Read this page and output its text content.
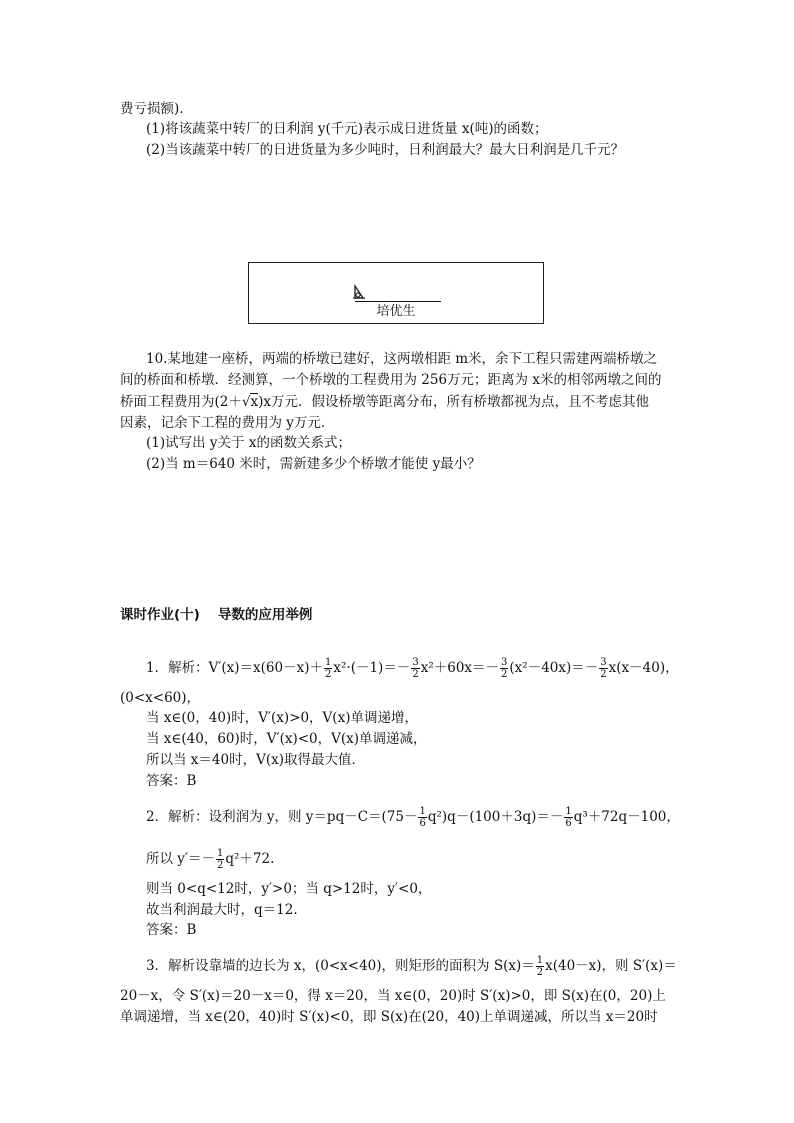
费亏损额).
(1)将该蔬菜中转厂的日利润 y(千元)表示成日进货量 x(吨)的函数；
(2)当该蔬菜中转厂的日进货量为多少吨时，日利润最大？最大日利润是几千元？
培优生
10.某地建一座桥，两端的桥墩已建好，这两墩相距 m米，余下工程只需建两端桥墩之
间的桥面和桥墩．经测算，一个桥墩的工程费用为 256万元；距离为 x米的相邻两墩之间的
桥面工程费用为(2＋√x)x万元．假设桥墩等距离分布，所有桥墩都视为点，且不考虑其他
因素，记余下工程的费用为 y万元．
(1)试写出 y关于 x的函数关系式；
(2)当 m＝640 米时，需新建多少个桥墩才能使 y最小？
课时作业(十) 导数的应用举例
1．解析：$V'(x)=x(60-x)+ \frac{1}{2} x^2\cdot(-1)=- \frac{3}{2} x^2+60x=- \frac{3}{2} (x^2-40x)=- \frac{3}{2} x(x-40)$，
(0<x<60)，
当 x∈(0，40)时，V′(x)>0，V(x)单调递增，
当 x∈(40，60)时，V′(x)<0，V(x)单调递减，
所以当 x＝40时，V(x)取得最大值．
答案：B
2．解析：设利润为 y，则 $y=pq-C=(75- \frac{1}{6} q^2)q-(100+3q)=- \frac{1}{6} q^3+72q-100$，
所以 $y'=- \frac{1}{2} q^2+72$.
则当 0<q<12时，y′>0；当 q>12时，y′<0，
故当利润最大时，q＝12.
答案：B
3．解析设靠墙的边长为 x，(0<x<40)，则矩形的面积为 $S(x)= \frac{1}{2} x(40-x)$，则 S′(x)＝
20－x，令 S′(x)＝20－x＝0，得 x＝20，当 x∈(0，20)时 S′(x)>0，即 S(x)在(0，20)上
单调递增，当 x∈(20，40)时 S′(x)<0，即 S(x)在(20，40)上单调递减，所以当 x＝20时
